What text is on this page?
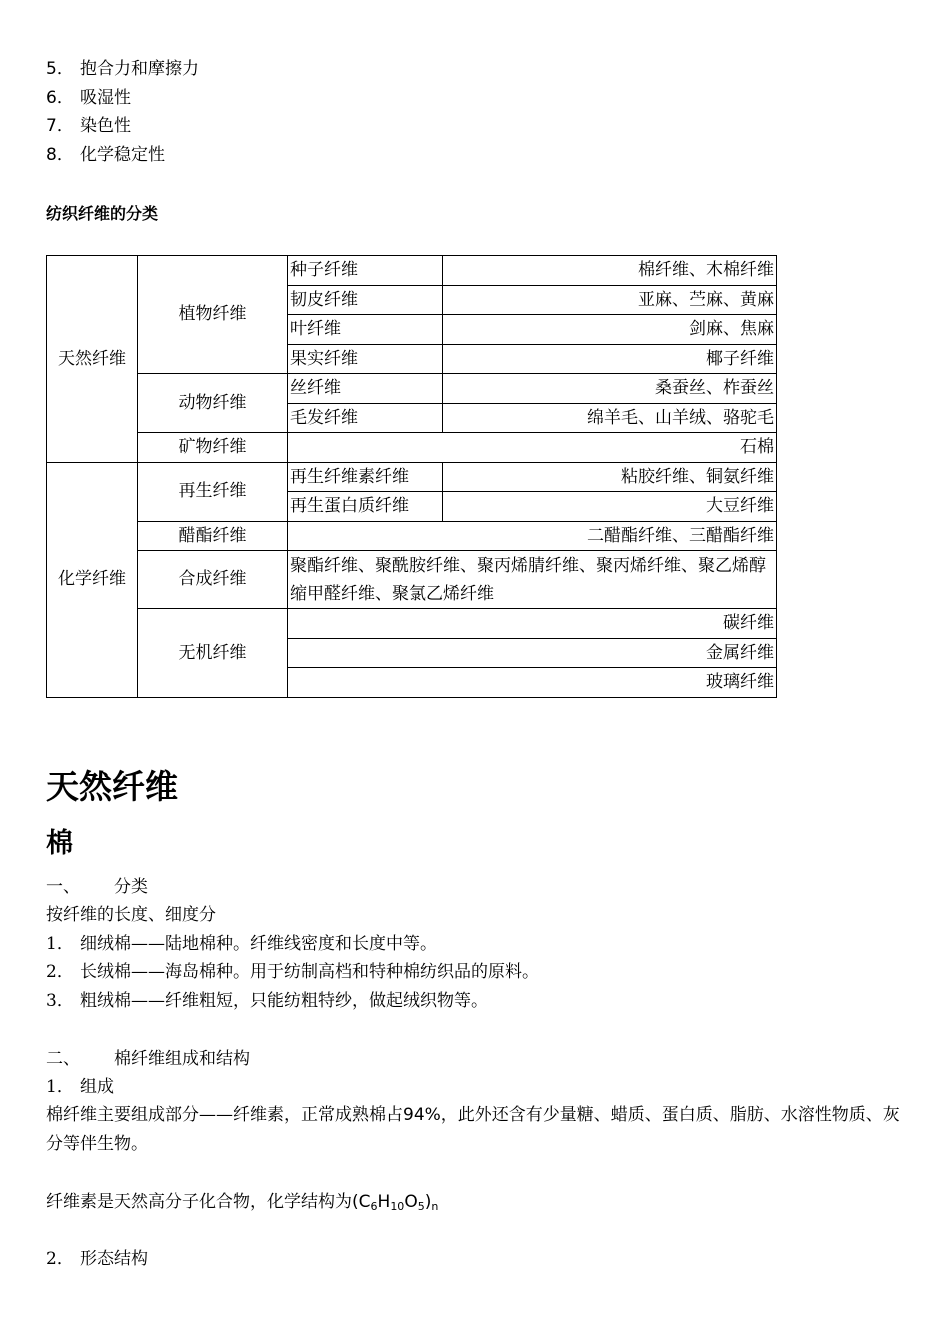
5． 抱合力和摩擦力
6． 吸湿性
7． 染色性
8． 化学稳定性
纺织纤维的分类
天然纤维	植物纤维	种子纤维	棉纤维、木棉纤维
		韧皮纤维	亚麻、苎麻、黄麻
		叶纤维	剑麻、焦麻
		果实纤维	椰子纤维
	动物纤维	丝纤维	桑蚕丝、柞蚕丝
		毛发纤维	绵羊毛、山羊绒、骆驼毛
	矿物纤维	石棉	
化学纤维	再生纤维	再生纤维素纤维	粘胶纤维、铜氨纤维
		再生蛋白质纤维	大豆纤维
	醋酯纤维	二醋酯纤维、三醋酯纤维	
	合成纤维	聚酯纤维、聚酰胺纤维、聚丙烯腈纤维、聚丙烯纤维、聚乙烯醇缩甲醛纤维、聚氯乙烯纤维	
	无机纤维	碳纤维	
		金属纤维	
		玻璃纤维	
天然纤维
棉
一、 分类
按纤维的长度、细度分
1． 细绒棉——陆地棉种。纤维线密度和长度中等。
2． 长绒棉——海岛棉种。用于纺制高档和特种棉纺织品的原料。
3． 粗绒棉——纤维粗短，只能纺粗特纱，做起绒织物等。
二、 棉纤维组成和结构
1． 组成
棉纤维主要组成部分——纤维素，正常成熟棉占94%，此外还含有少量糖、蜡质、蛋白质、脂肪、水溶性物质、灰分等伴生物。
纤维素是天然高分子化合物，化学结构为$(C_6H_{10}O_5)_n$
2． 形态结构
